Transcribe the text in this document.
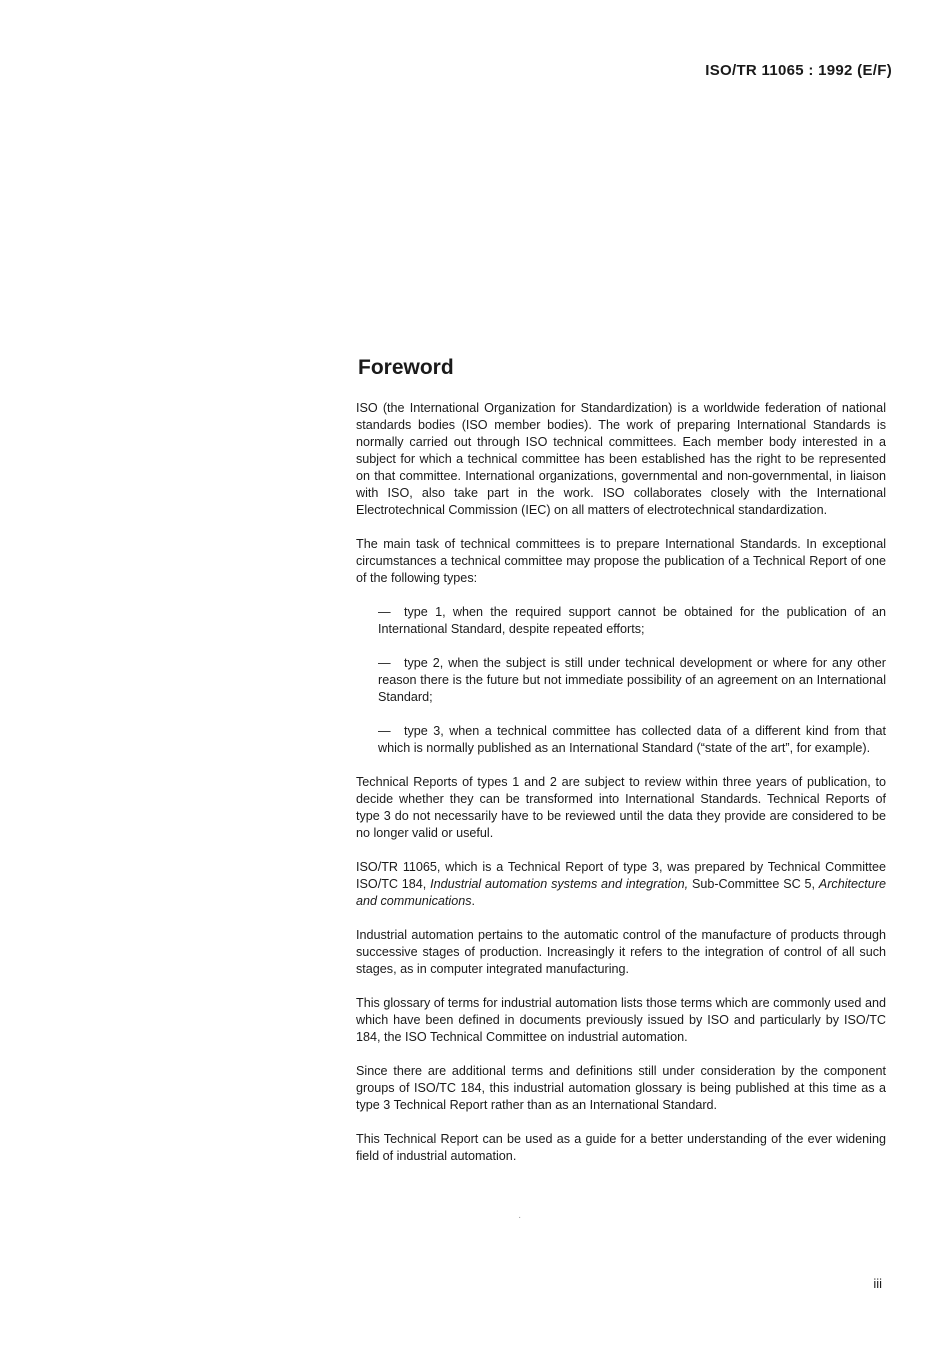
ISO/TR 11065 : 1992 (E/F)
Foreword

ISO (the International Organization for Standardization) is a worldwide federation of national standards bodies (ISO member bodies). The work of preparing International Standards is normally carried out through ISO technical committees. Each member body interested in a subject for which a technical committee has been established has the right to be represented on that committee. International organizations, governmental and non-governmental, in liaison with ISO, also take part in the work. ISO collaborates closely with the International Electrotechnical Commission (IEC) on all matters of electrotechnical standardization.

The main task of technical committees is to prepare International Standards. In exceptional circumstances a technical committee may propose the publication of a Technical Report of one of the following types:

— type 1, when the required support cannot be obtained for the publication of an International Standard, despite repeated efforts;

— type 2, when the subject is still under technical development or where for any other reason there is the future but not immediate possibility of an agreement on an International Standard;

— type 3, when a technical committee has collected data of a different kind from that which is normally published as an International Standard (“state of the art”, for example).

Technical Reports of types 1 and 2 are subject to review within three years of publication, to decide whether they can be transformed into International Standards. Technical Reports of type 3 do not necessarily have to be reviewed until the data they provide are considered to be no longer valid or useful.

ISO/TR 11065, which is a Technical Report of type 3, was prepared by Technical Committee ISO/TC 184, Industrial automation systems and integration, Sub-Committee SC 5, Architecture and communications.

Industrial automation pertains to the automatic control of the manufacture of products through successive stages of production. Increasingly it refers to the integration of control of all such stages, as in computer integrated manufacturing.

This glossary of terms for industrial automation lists those terms which are commonly used and which have been defined in documents previously issued by ISO and particularly by ISO/TC 184, the ISO Technical Committee on industrial automation.

Since there are additional terms and definitions still under consideration by the component groups of ISO/TC 184, this industrial automation glossary is being published at this time as a type 3 Technical Report rather than as an International Standard.

This Technical Report can be used as a guide for a better understanding of the ever widening field of industrial automation.

·
iii
